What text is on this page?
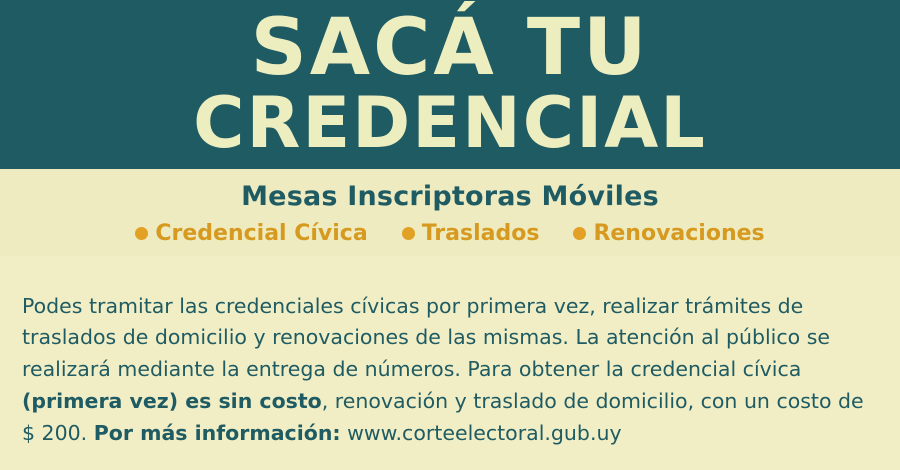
SACÁ TU
CREDENCIAL
Mesas Inscriptoras Móviles
Credencial Cívica Traslados Renovaciones

Podes tramitar las credenciales cívicas por primera vez, realizar trámites de traslados de domicilio y renovaciones de las mismas. La atención al público se realizará mediante la entrega de números. Para obtener la credencial cívica (primera vez) es sin costo, renovación y traslado de domicilio, con un costo de $ 200. Por más información: www.corteelectoral.gub.uy
